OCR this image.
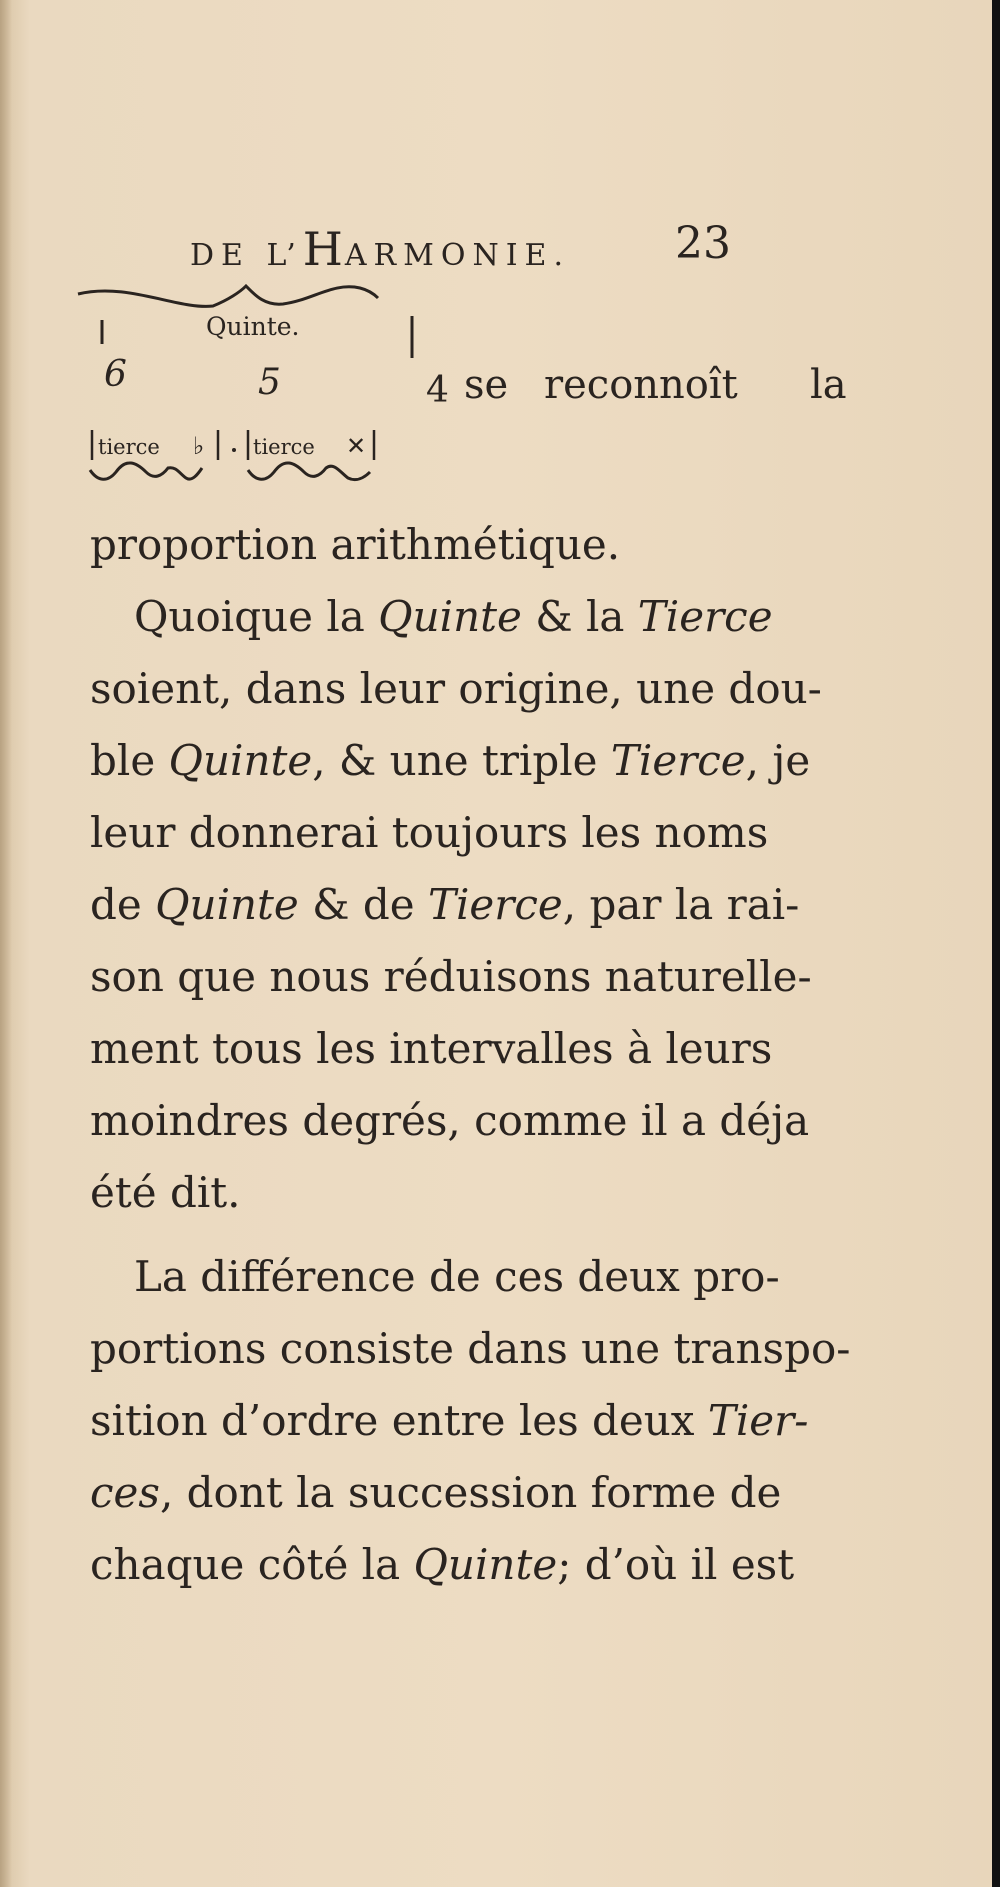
DE L’HARMONIE. 23
Quinte.
6	5	4
tierce ♭ tierce ✕
se reconnoît la
proportion arithmétique.
Quoique la Quinte & la Tierce
soient, dans leur origine, une dou-
ble Quinte, & une triple Tierce, je
leur donnerai toujours les noms
de Quinte & de Tierce, par la rai-
son que nous réduisons naturelle-
ment tous les intervalles à leurs
moindres degrés, comme il a déja
été dit.
La différence de ces deux pro-
portions consiste dans une transpo-
sition d’ordre entre les deux Tier-
ces, dont la succession forme de
chaque côté la Quinte; d’où il est
